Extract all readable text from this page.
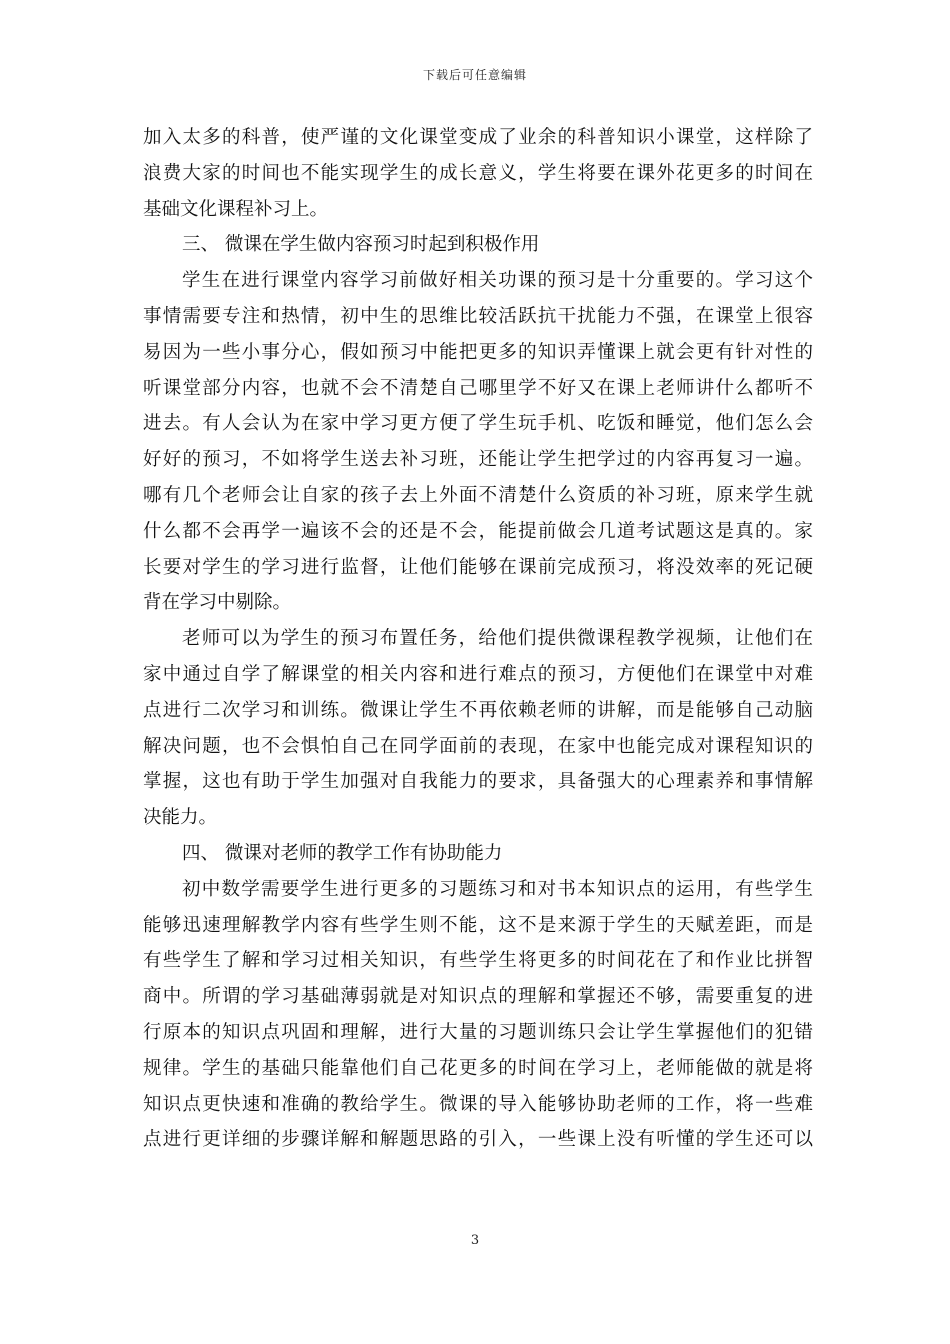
下载后可任意编辑
加入太多的科普，使严谨的文化课堂变成了业余的科普知识小课堂，这样除了
浪费大家的时间也不能实现学生的成长意义，学生将要在课外花更多的时间在
基础文化课程补习上。
三、 微课在学生做内容预习时起到积极作用
学生在进行课堂内容学习前做好相关功课的预习是十分重要的。学习这个
事情需要专注和热情，初中生的思维比较活跃抗干扰能力不强，在课堂上很容
易因为一些小事分心，假如预习中能把更多的知识弄懂课上就会更有针对性的
听课堂部分内容，也就不会不清楚自己哪里学不好又在课上老师讲什么都听不
进去。有人会认为在家中学习更方便了学生玩手机、吃饭和睡觉，他们怎么会
好好的预习，不如将学生送去补习班，还能让学生把学过的内容再复习一遍。
哪有几个老师会让自家的孩子去上外面不清楚什么资质的补习班，原来学生就
什么都不会再学一遍该不会的还是不会，能提前做会几道考试题这是真的。家
长要对学生的学习进行监督，让他们能够在课前完成预习，将没效率的死记硬
背在学习中剔除。
老师可以为学生的预习布置任务，给他们提供微课程教学视频，让他们在
家中通过自学了解课堂的相关内容和进行难点的预习，方便他们在课堂中对难
点进行二次学习和训练。微课让学生不再依赖老师的讲解，而是能够自己动脑
解决问题，也不会惧怕自己在同学面前的表现，在家中也能完成对课程知识的
掌握，这也有助于学生加强对自我能力的要求，具备强大的心理素养和事情解
决能力。
四、 微课对老师的教学工作有协助能力
初中数学需要学生进行更多的习题练习和对书本知识点的运用，有些学生
能够迅速理解教学内容有些学生则不能，这不是来源于学生的天赋差距，而是
有些学生了解和学习过相关知识，有些学生将更多的时间花在了和作业比拼智
商中。所谓的学习基础薄弱就是对知识点的理解和掌握还不够，需要重复的进
行原本的知识点巩固和理解，进行大量的习题训练只会让学生掌握他们的犯错
规律。学生的基础只能靠他们自己花更多的时间在学习上，老师能做的就是将
知识点更快速和准确的教给学生。微课的导入能够协助老师的工作，将一些难
点进行更详细的步骤详解和解题思路的引入，一些课上没有听懂的学生还可以
3
